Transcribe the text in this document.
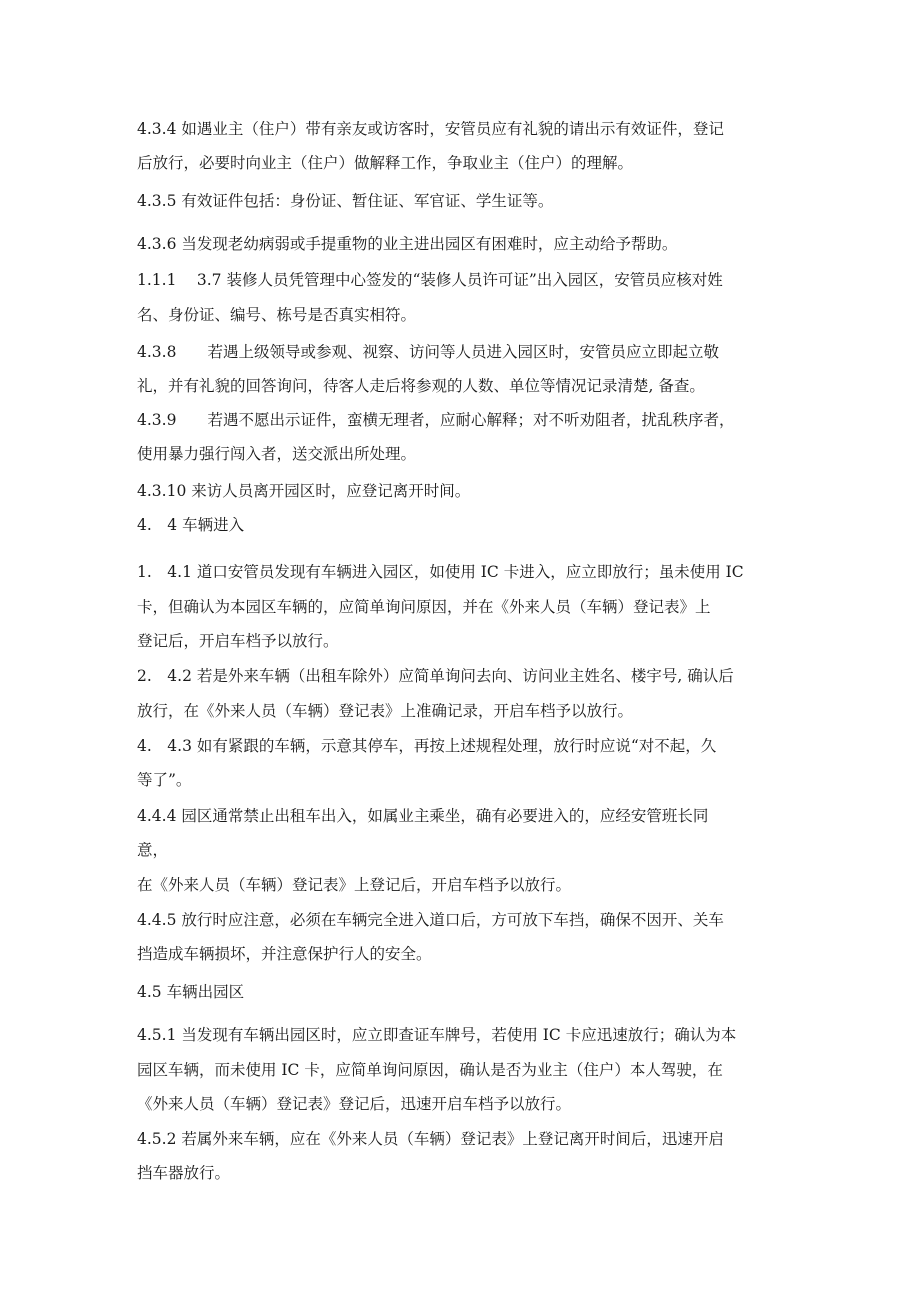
4.3.4 如遇业主（住户）带有亲友或访客时，安管员应有礼貌的请出示有效证件，登记
后放行，必要时向业主（住户）做解释工作，争取业主（住户）的理解。
4.3.5 有效证件包括：身份证、暂住证、军官证、学生证等。
4.3.6 当发现老幼病弱或手提重物的业主进出园区有困难时，应主动给予帮助。
1.1.1　 3.7 装修人员凭管理中心签发的“装修人员许可证”出入园区，安管员应核对姓
名、身份证、编号、栋号是否真实相符。
4.3.8　　若遇上级领导或参观、视察、访问等人员进入园区时，安管员应立即起立敬
礼，并有礼貌的回答询问，待客人走后将参观的人数、单位等情况记录清楚, 备查。
4.3.9　　若遇不愿出示证件，蛮横无理者，应耐心解释；对不听劝阻者，扰乱秩序者，
使用暴力强行闯入者，送交派出所处理。
4.3.10 来访人员离开园区时，应登记离开时间。
4.　4 车辆进入
1.　4.1 道口安管员发现有车辆进入园区，如使用 IC 卡进入，应立即放行；虽未使用 IC
卡，但确认为本园区车辆的，应简单询问原因，并在《外来人员（车辆）登记表》上
登记后，开启车档予以放行。
2.　4.2 若是外来车辆（出租车除外）应简单询问去向、访问业主姓名、楼宇号, 确认后
放行，在《外来人员（车辆）登记表》上准确记录，开启车档予以放行。
4.　4.3 如有紧跟的车辆，示意其停车，再按上述规程处理，放行时应说“对不起，久
等了”。
4.4.4 园区通常禁止出租车出入，如属业主乘坐，确有必要进入的，应经安管班长同
意，
在《外来人员（车辆）登记表》上登记后，开启车档予以放行。
4.4.5 放行时应注意，必须在车辆完全进入道口后，方可放下车挡，确保不因开、关车
挡造成车辆损坏，并注意保护行人的安全。
4.5 车辆出园区
4.5.1 当发现有车辆出园区时，应立即查证车牌号，若使用 IC 卡应迅速放行；确认为本
园区车辆，而未使用 IC 卡，应简单询问原因，确认是否为业主（住户）本人驾驶，在
《外来人员（车辆）登记表》登记后，迅速开启车档予以放行。
4.5.2 若属外来车辆，应在《外来人员（车辆）登记表》上登记离开时间后，迅速开启
挡车器放行。
